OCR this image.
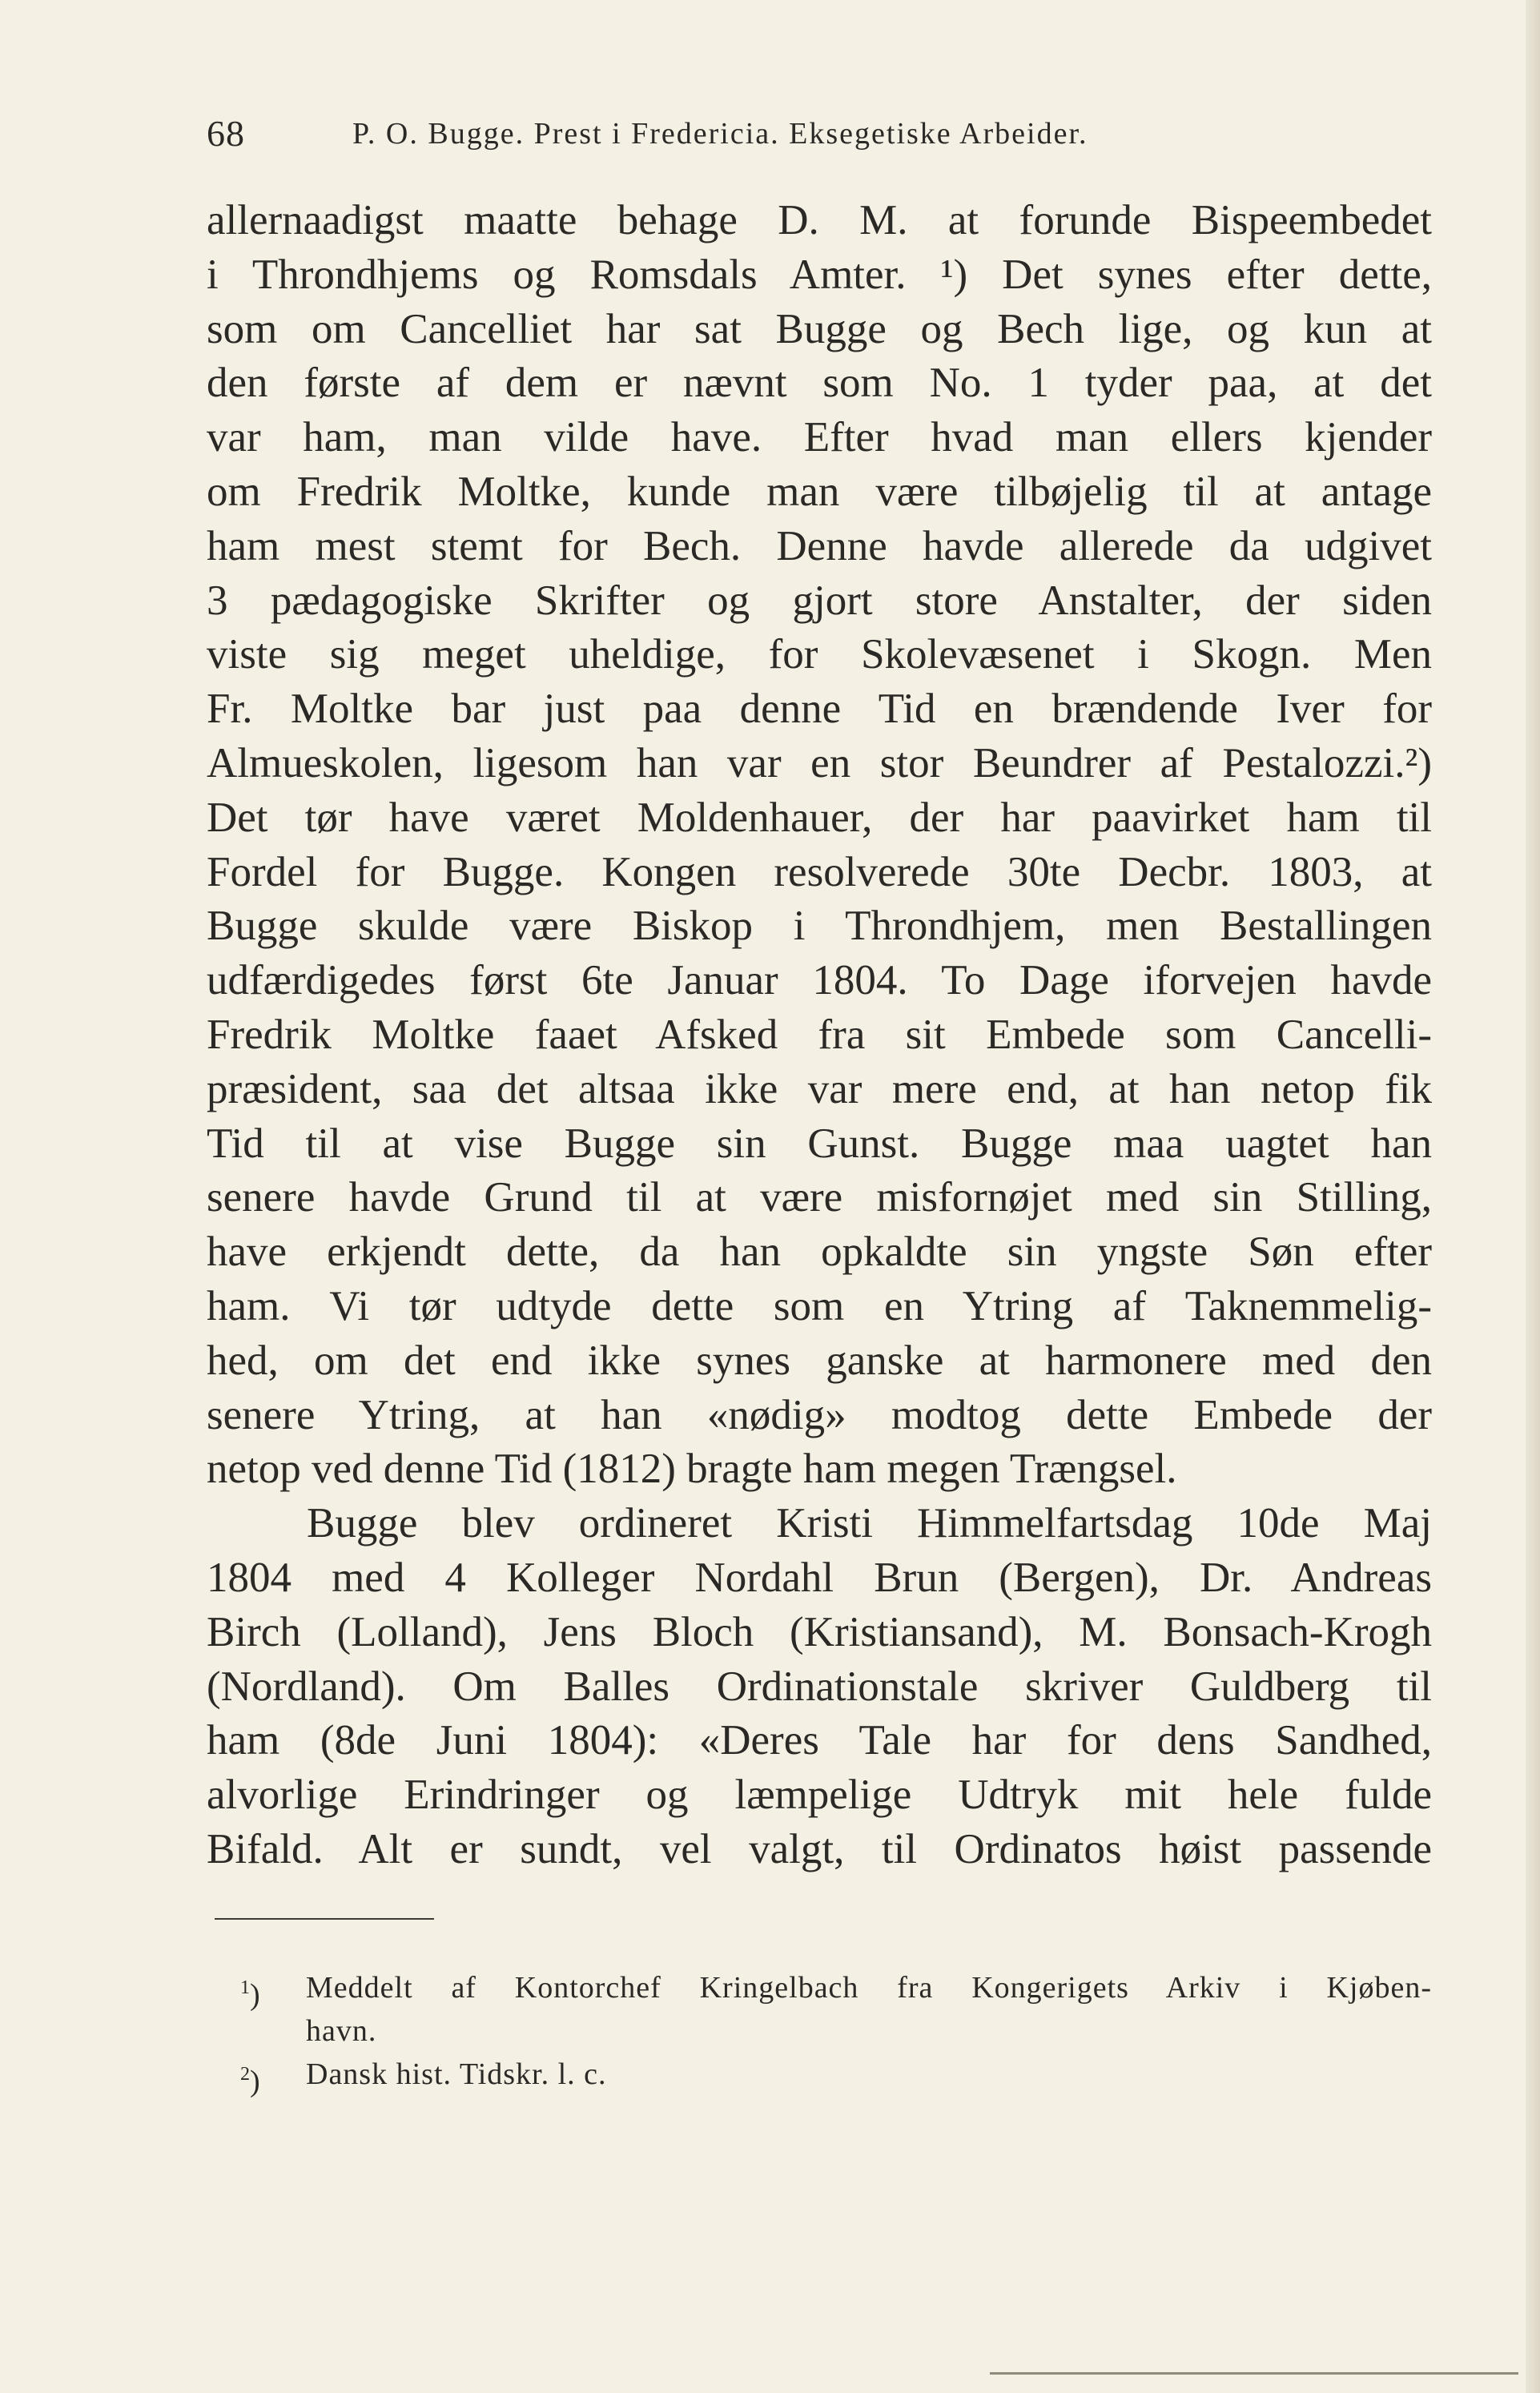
68	P. O. Bugge. Prest i Fredericia. Eksegetiske Arbeider.
allernaadigst maatte behage D. M. at forunde Bispeembedet
i Throndhjems og Romsdals Amter. ¹) Det synes efter dette,
som om Cancelliet har sat Bugge og Bech lige, og kun at
den første af dem er nævnt som No. 1 tyder paa, at det
var ham, man vilde have. Efter hvad man ellers kjender
om Fredrik Moltke, kunde man være tilbøjelig til at antage
ham mest stemt for Bech. Denne havde allerede da udgivet
3 pædagogiske Skrifter og gjort store Anstalter, der siden
viste sig meget uheldige, for Skolevæsenet i Skogn. Men
Fr. Moltke bar just paa denne Tid en brændende Iver for
Almueskolen, ligesom han var en stor Beundrer af Pestalozzi.²)
Det tør have været Moldenhauer, der har paavirket ham til
Fordel for Bugge. Kongen resolverede 30te Decbr. 1803, at
Bugge skulde være Biskop i Throndhjem, men Bestallingen
udfærdigedes først 6te Januar 1804. To Dage iforvejen havde
Fredrik Moltke faaet Afsked fra sit Embede som Cancelli-
præsident, saa det altsaa ikke var mere end, at han netop fik
Tid til at vise Bugge sin Gunst. Bugge maa uagtet han
senere havde Grund til at være misfornøjet med sin Stilling,
have erkjendt dette, da han opkaldte sin yngste Søn efter
ham. Vi tør udtyde dette som en Ytring af Taknemmelig-
hed, om det end ikke synes ganske at harmonere med den
senere Ytring, at han «nødig» modtog dette Embede der
netop ved denne Tid (1812) bragte ham megen Trængsel.
Bugge blev ordineret Kristi Himmelfartsdag 10de Maj
1804 med 4 Kolleger Nordahl Brun (Bergen), Dr. Andreas
Birch (Lolland), Jens Bloch (Kristiansand), M. Bonsach-Krogh
(Nordland). Om Balles Ordinationstale skriver Guldberg til
ham (8de Juni 1804): «Deres Tale har for dens Sandhed,
alvorlige Erindringer og læmpelige Udtryk mit hele fulde
Bifald. Alt er sundt, vel valgt, til Ordinatos høist passende
$^1$)	Meddelt af Kontorchef Kringelbach fra Kongerigets Arkiv i Kjøben-
havn.
$^2$)	Dansk hist. Tidskr. l. c.
